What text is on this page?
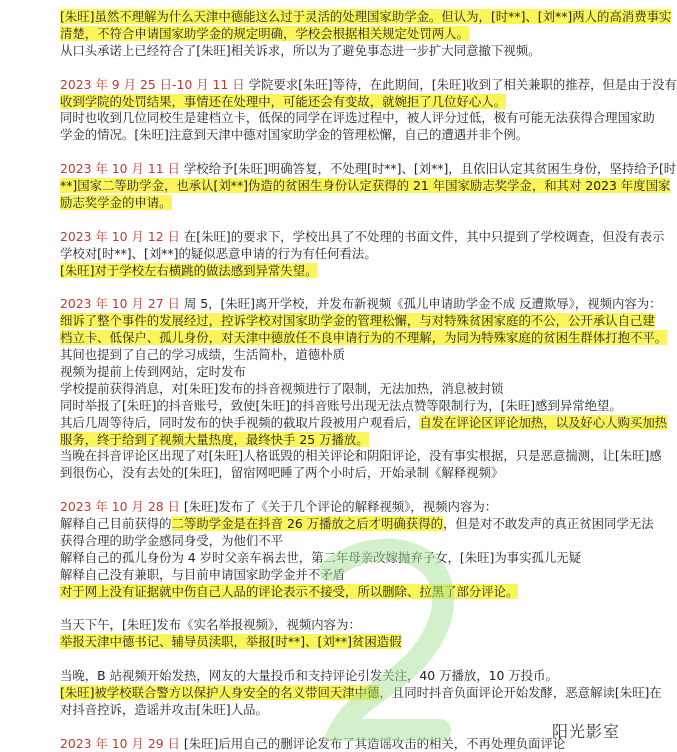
[朱旺]虽然不理解为什么天津中德能这么过于灵活的处理国家助学金。但认为，[时**]、[刘**]两人的高消费事实
清楚，不符合申请国家助学金的规定明确，学校会根据相关规定处罚两人。
从口头承诺上已经符合了[朱旺]相关诉求，所以为了避免事态进一步扩大同意撤下视频。
2023 年 9 月 25 日-10 月 11 日 学院要求[朱旺]等待，在此期间，[朱旺]收到了相关兼职的推荐，但是由于没有
收到学院的处罚结果，事情还在处理中，可能还会有变故，就婉拒了几位好心人。
同时也收到几位同校生是建档立卡，低保的同学在评选过程中，被人评分过低，极有可能无法获得合理国家助
学金的情况。[朱旺]注意到天津中德对国家助学金的管理松懈，自己的遭遇并非个例。
2023 年 10 月 11 日 学校给予[朱旺]明确答复，不处理[时**]、[刘**]，且依旧认定其贫困生身份，坚持给予[时
**]国家二等助学金，也承认[刘**]伪造的贫困生身份认定获得的 21 年国家励志奖学金，和其对 2023 年度国家
励志奖学金的申请。
2023 年 10 月 12 日 在[朱旺]的要求下，学校出具了不处理的书面文件，其中只提到了学校调查，但没有表示
学校对[时**]、[刘**]的疑似恶意申请的行为有任何看法。
[朱旺]对于学校左右横跳的做法感到异常失望。
2023 年 10 月 27 日 周 5，[朱旺]离开学校，并发布新视频《孤儿申请助学金不成 反遭欺辱》，视频内容为：
细诉了整个事件的发展经过，控诉学校对国家助学金的管理松懈，与对特殊贫困家庭的不公，公开承认自己建
档立卡、低保户、孤儿身份，对天津中德放任不良申请行为的不理解，为同为特殊家庭的贫困生群体打抱不平。
其间也提到了自己的学习成绩，生活简朴，道德朴质
视频为提前上传到网站，定时发布
学校提前获得消息，对[朱旺]发布的抖音视频进行了限制，无法加热，消息被封锁
同时举报了[朱旺]的抖音账号，致使[朱旺]的抖音账号出现无法点赞等限制行为，[朱旺]感到异常绝望。
其后几周等待后，同时发布的快手视频的截取片段被用户观看后，自发在评论区评论加热，以及好心人购买加热
服务，终于给到了视频大量热度，最终快手 25 万播放。
当晚在抖音评论区出现了对[朱旺]人格诋毁的相关评论和阴阳评论，没有事实根据，只是恶意揣测，让[朱旺]感
到很伤心，没有去处的[朱旺]，留宿网吧睡了两个小时后，开始录制《解释视频》
2023 年 10 月 28 日 [朱旺]发布了《关于几个评论的解释视频》，视频内容为：
解释自己目前获得的二等助学金是在抖音 26 万播放之后才明确获得的，但是对不敢发声的真正贫困同学无法
获得合理的助学金感同身受，为他们不平
解释自己的孤儿身份为 4 岁时父亲车祸去世，第二年母亲改嫁抛弃子女，[朱旺]为事实孤儿无疑
解释自己没有兼职，与目前申请国家助学金并不矛盾
对于网上没有证据就中伤自己人品的评论表示不接受，所以删除、拉黑了部分评论。
当天下午，[朱旺]发布《实名举报视频》，视频内容为：
举报天津中德书记、辅导员渎职，举报[时**]、[刘**]贫困造假
当晚，B 站视频开始发热，网友的大量投币和支持评论引发关注，40 万播放，10 万投币。
[朱旺]被学校联合警方以保护人身安全的名义带回天津中德，且同时抖音负面评论开始发酵，恶意解读[朱旺]在
对抖音控诉，造谣并攻击[朱旺]人品。
2023 年 10 月 29 日 [朱旺]后用自己的删评论发布了其造谣攻击的相关，不再处理负面评论
阳光影室
